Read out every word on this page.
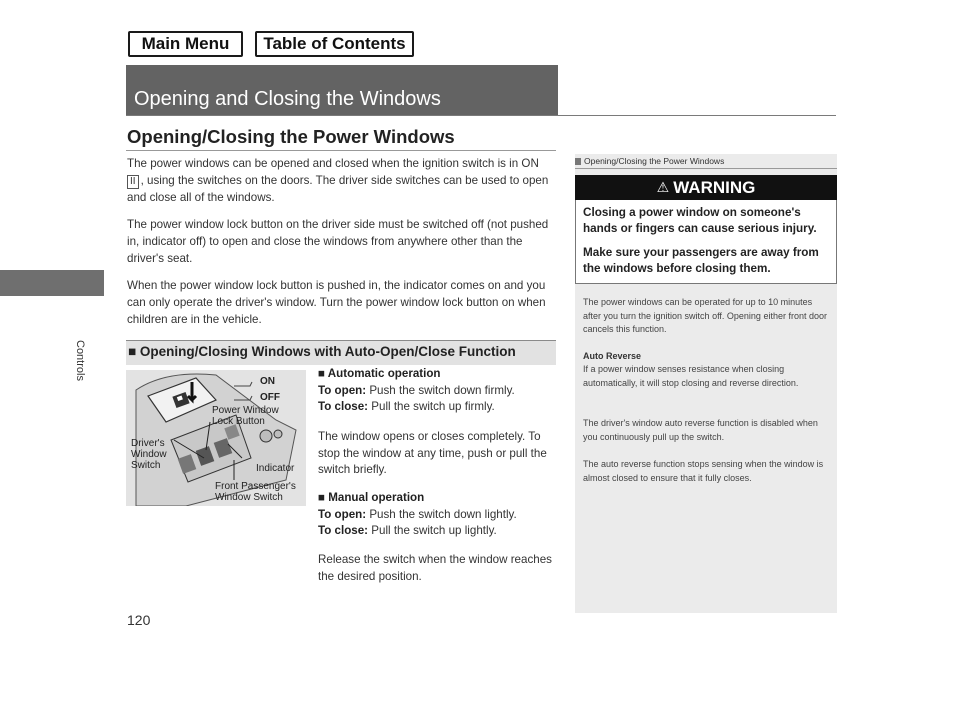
Main Menu	Table of Contents
Controls
Opening and Closing the Windows
Opening/Closing the Power Windows
The power windows can be opened and closed when the ignition switch is in ON
II , using the switches on the doors. The driver side switches can be used to open and close all of the windows.
The power window lock button on the driver side must be switched off (not pushed in, indicator off) to open and close the windows from anywhere other than the driver's seat.
When the power window lock button is pushed in, the indicator comes on and you can only operate the driver's window. Turn the power window lock button on when children are in the vehicle.
■ Opening/Closing Windows with Auto-Open/Close Function
ON
OFF
Power Window
Lock Button
Driver's
Window
Switch	Indicator
Front Passenger's
Window Switch
■ Automatic operation
To open: Push the switch down firmly.
To close: Pull the switch up firmly.
The window opens or closes completely. To stop the window at any time, push or pull the switch briefly.
■ Manual operation
To open: Push the switch down lightly.
To close: Pull the switch up lightly.
Release the switch when the window reaches the desired position.
Opening/Closing the Power Windows
⚠ WARNING
Closing a power window on someone's hands or fingers can cause serious injury.
Make sure your passengers are away from the windows before closing them.
The power windows can be operated for up to 10 minutes after you turn the ignition switch off. Opening either front door cancels this function.
Auto Reverse
If a power window senses resistance when closing automatically, it will stop closing and reverse direction.
The driver's window auto reverse function is disabled when you continuously pull up the switch.
The auto reverse function stops sensing when the window is almost closed to ensure that it fully closes.
120
